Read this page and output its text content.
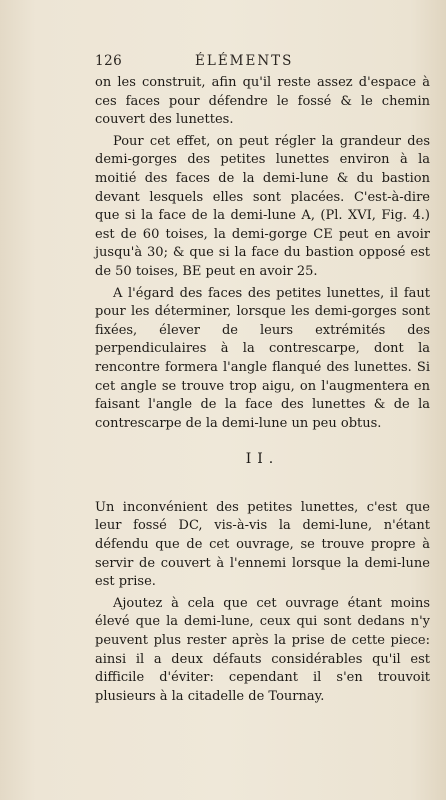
126	ÉLÉMENTS

on les construit, afin qu'il reste assez d'espace à ces faces pour défendre le fossé & le chemin couvert des lunettes.

Pour cet effet, on peut régler la grandeur des demi-gorges des petites lunettes environ à la moitié des faces de la demi-lune & du bastion devant lesquels elles sont placées. C'est-à-dire que si la face de la demi-lune A, (Pl. XVI, Fig. 4.) est de 60 toises, la demi-gorge CE peut en avoir jusqu'à 30; & que si la face du bastion opposé est de 50 toises, BE peut en avoir 25.

A l'égard des faces des petites lunettes, il faut pour les déterminer, lorsque les demi-gorges sont fixées, élever de leurs extrémités des perpendiculaires à la contrescarpe, dont la rencontre formera l'angle flanqué des lunettes. Si cet angle se trouve trop aigu, on l'augmentera en faisant l'angle de la face des lunettes & de la contrescarpe de la demi-lune un peu obtus.

II.

Un inconvénient des petites lunettes, c'est que leur fossé DC, vis-à-vis la demi-lune, n'étant défendu que de cet ouvrage, se trouve propre à servir de couvert à l'ennemi lorsque la demi-lune est prise.

Ajoutez à cela que cet ouvrage étant moins élevé que la demi-lune, ceux qui sont dedans n'y peuvent plus rester après la prise de cette piece: ainsi il a deux défauts considérables qu'il est difficile d'éviter: cependant il s'en trouvoit plusieurs à la citadelle de Tournay.
